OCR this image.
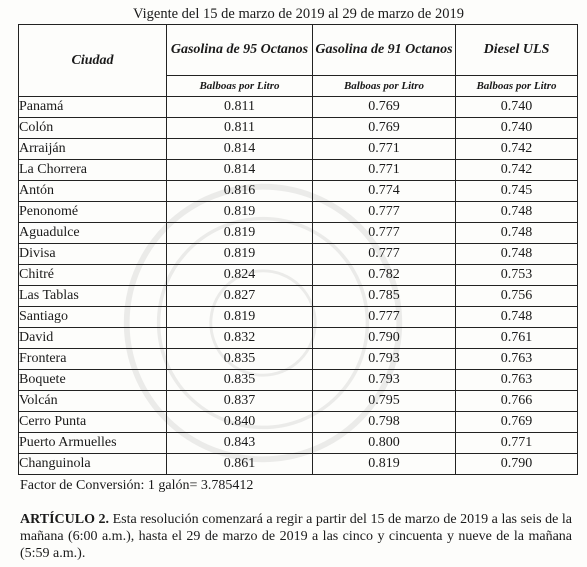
Vigente del 15 de marzo de 2019 al 29 de marzo de 2019
Ciudad	Gasolina de 95 Octanos	Gasolina de 91 Octanos	Diesel ULS
	Balboas por Litro	Balboas por Litro	Balboas por Litro
Panamá	0.811	0.769	0.740
Colón	0.811	0.769	0.740
Arraiján	0.814	0.771	0.742
La Chorrera	0.814	0.771	0.742
Antón	0.816	0.774	0.745
Penonomé	0.819	0.777	0.748
Aguadulce	0.819	0.777	0.748
Divisa	0.819	0.777	0.748
Chitré	0.824	0.782	0.753
Las Tablas	0.827	0.785	0.756
Santiago	0.819	0.777	0.748
David	0.832	0.790	0.761
Frontera	0.835	0.793	0.763
Boquete	0.835	0.793	0.763
Volcán	0.837	0.795	0.766
Cerro Punta	0.840	0.798	0.769
Puerto Armuelles	0.843	0.800	0.771
Changuinola	0.861	0.819	0.790
Factor de Conversión: 1 galón= 3.785412
ARTÍCULO 2. Esta resolución comenzará a regir a partir del 15 de marzo de 2019 a las seis de la mañana (6:00 a.m.), hasta el 29 de marzo de 2019 a las cinco y cincuenta y nueve de la mañana (5:59 a.m.).
